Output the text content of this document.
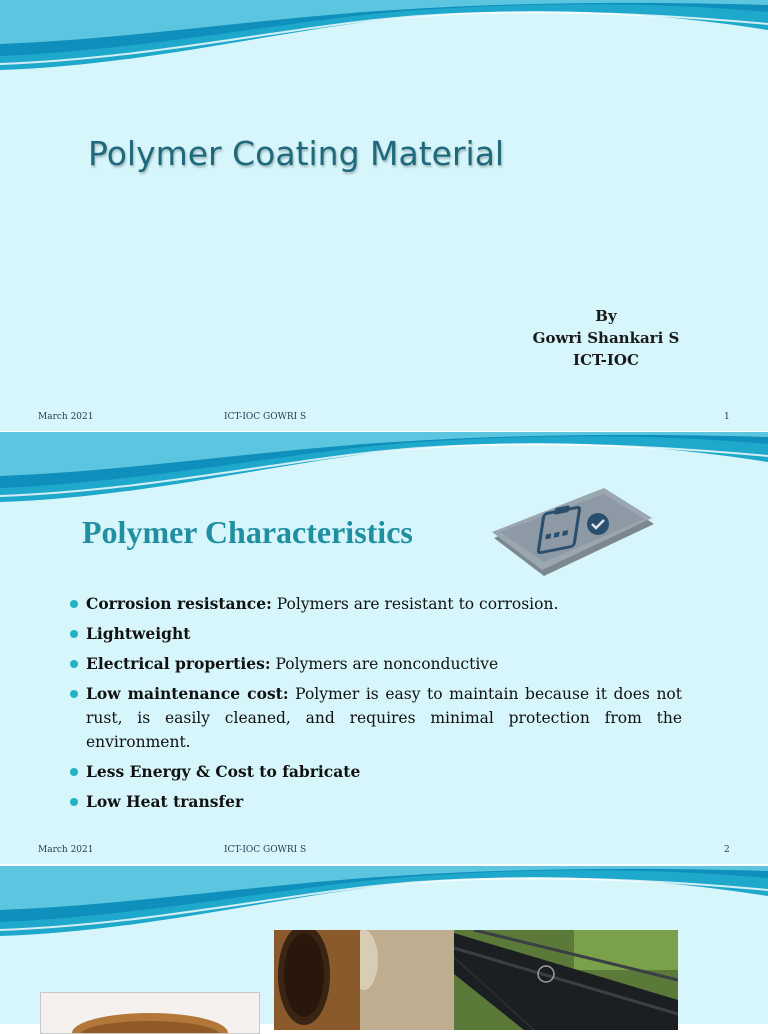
Polymer Coating Material
By
Gowri Shankari S
ICT-IOC
March 2021	ICT-IOC GOWRI S	1
March 2021	ICT-IOC GOWRI S	2
Polymer Characteristics
Corrosion resistance: Polymers are resistant to corrosion.
Lightweight
Electrical properties: Polymers are nonconductive
Low maintenance cost: Polymer is easy to maintain because it does not rust, is easily cleaned, and requires minimal protection from the environment.
Less Energy & Cost to fabricate
Low Heat transfer
